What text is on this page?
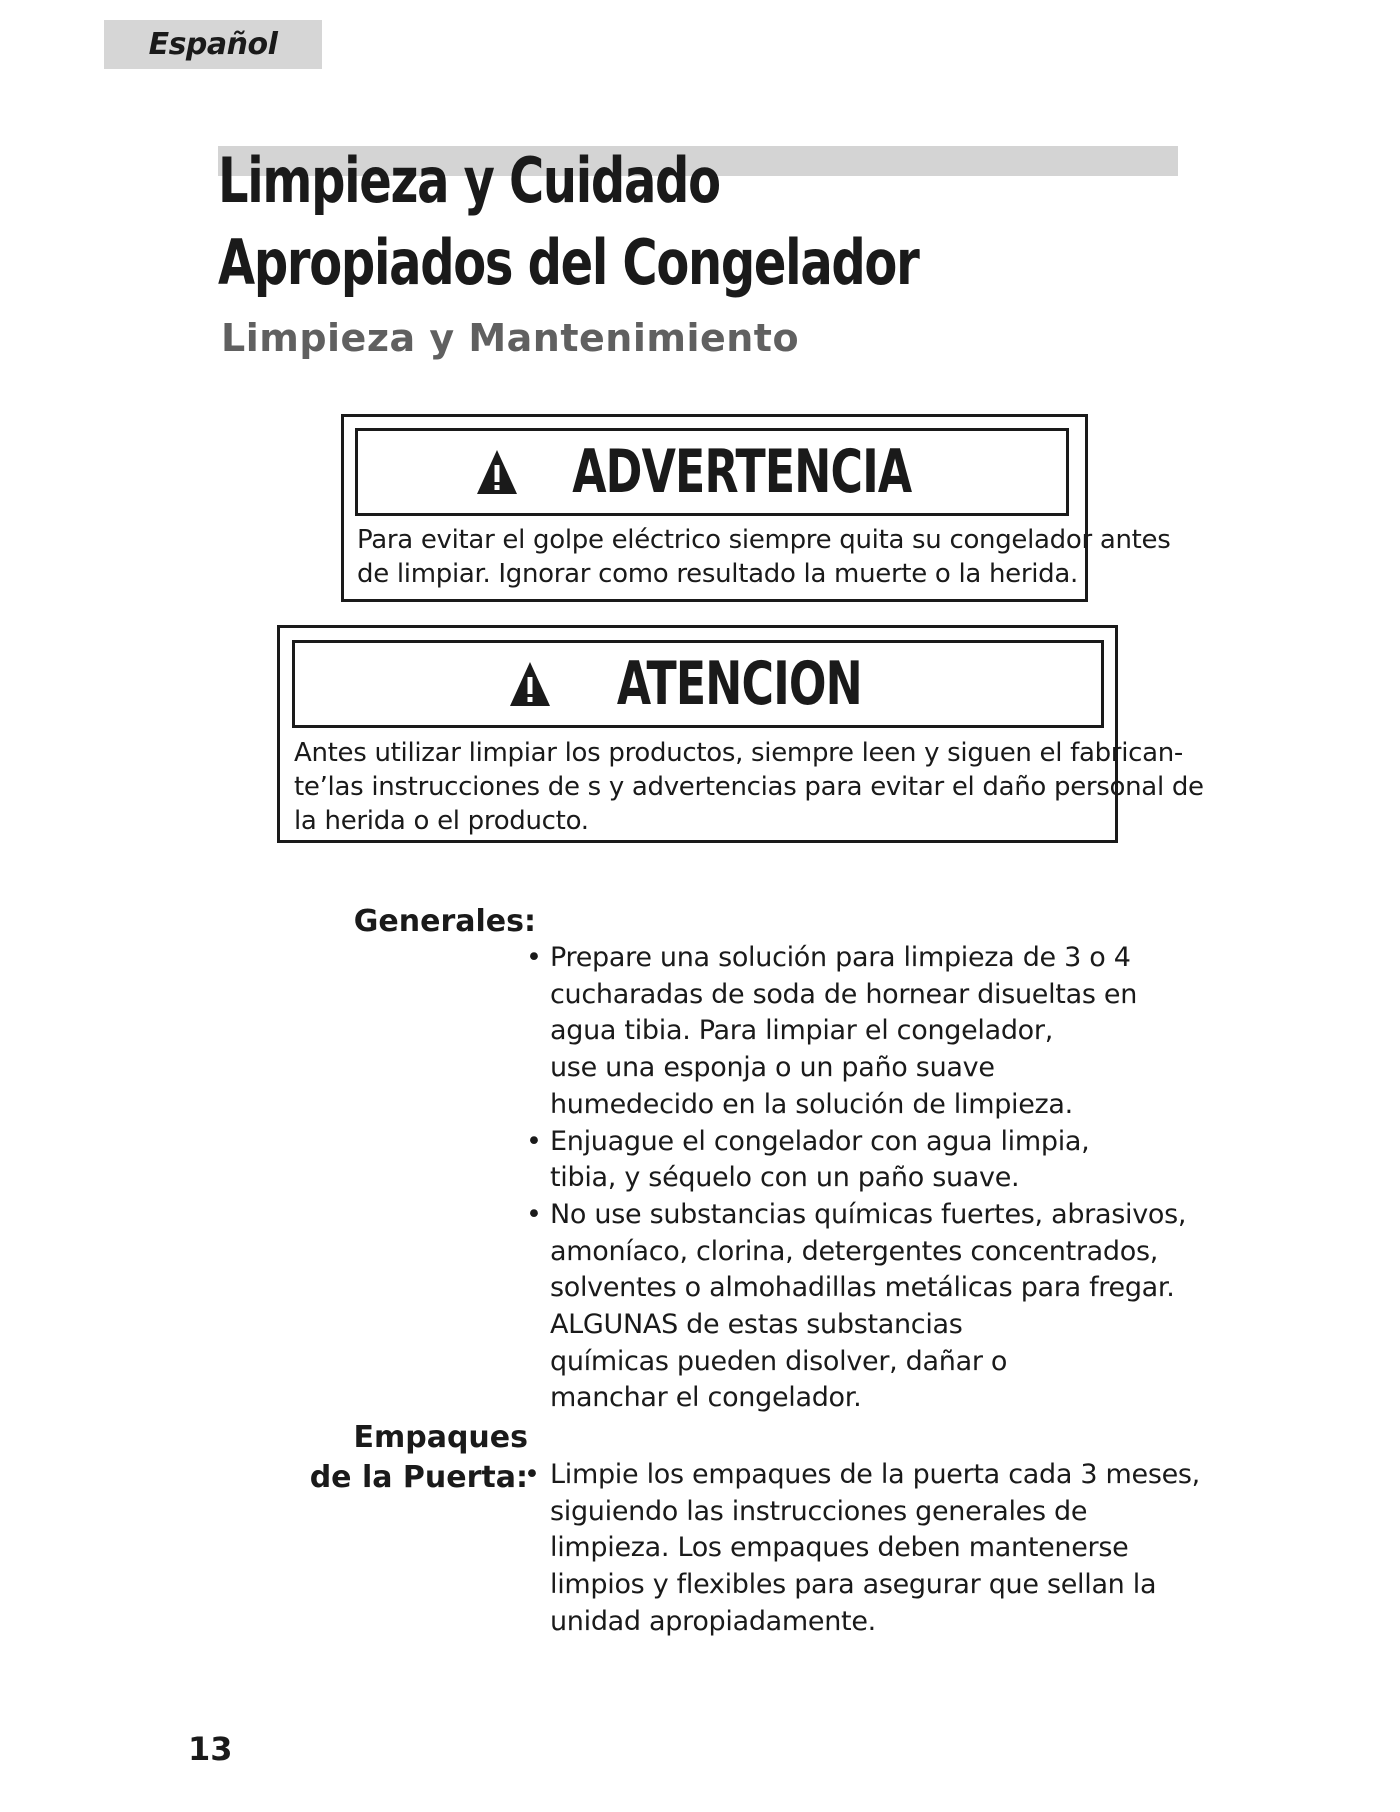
Español
Limpieza y Cuidado
Apropiados del Congelador
Limpieza y Mantenimiento
ADVERTENCIA
Para evitar el golpe eléctrico siempre quita su congelador antes
de limpiar. Ignorar como resultado la muerte o la herida.
ATENCION
Antes utilizar limpiar los productos, siempre leen y siguen el fabrican-
te’las instrucciones de s y advertencias para evitar el daño personal de
la herida o el producto.
Generales:
• Prepare una solución para limpieza de 3 o 4
cucharadas de soda de hornear disueltas en
agua tibia. Para limpiar el congelador,
use una esponja o un paño suave
humedecido en la solución de limpieza.
• Enjuague el congelador con agua limpia,
tibia, y séquelo con un paño suave.
• No use substancias químicas fuertes, abrasivos,
amoníaco, clorina, detergentes concentrados,
solventes o almohadillas metálicas para fregar.
ALGUNAS de estas substancias
químicas pueden disolver, dañar o
manchar el congelador.
Empaques
de la Puerta:
• Limpie los empaques de la puerta cada 3 meses,
siguiendo las instrucciones generales de
limpieza. Los empaques deben mantenerse
limpios y flexibles para asegurar que sellan la
unidad apropiadamente.
13
